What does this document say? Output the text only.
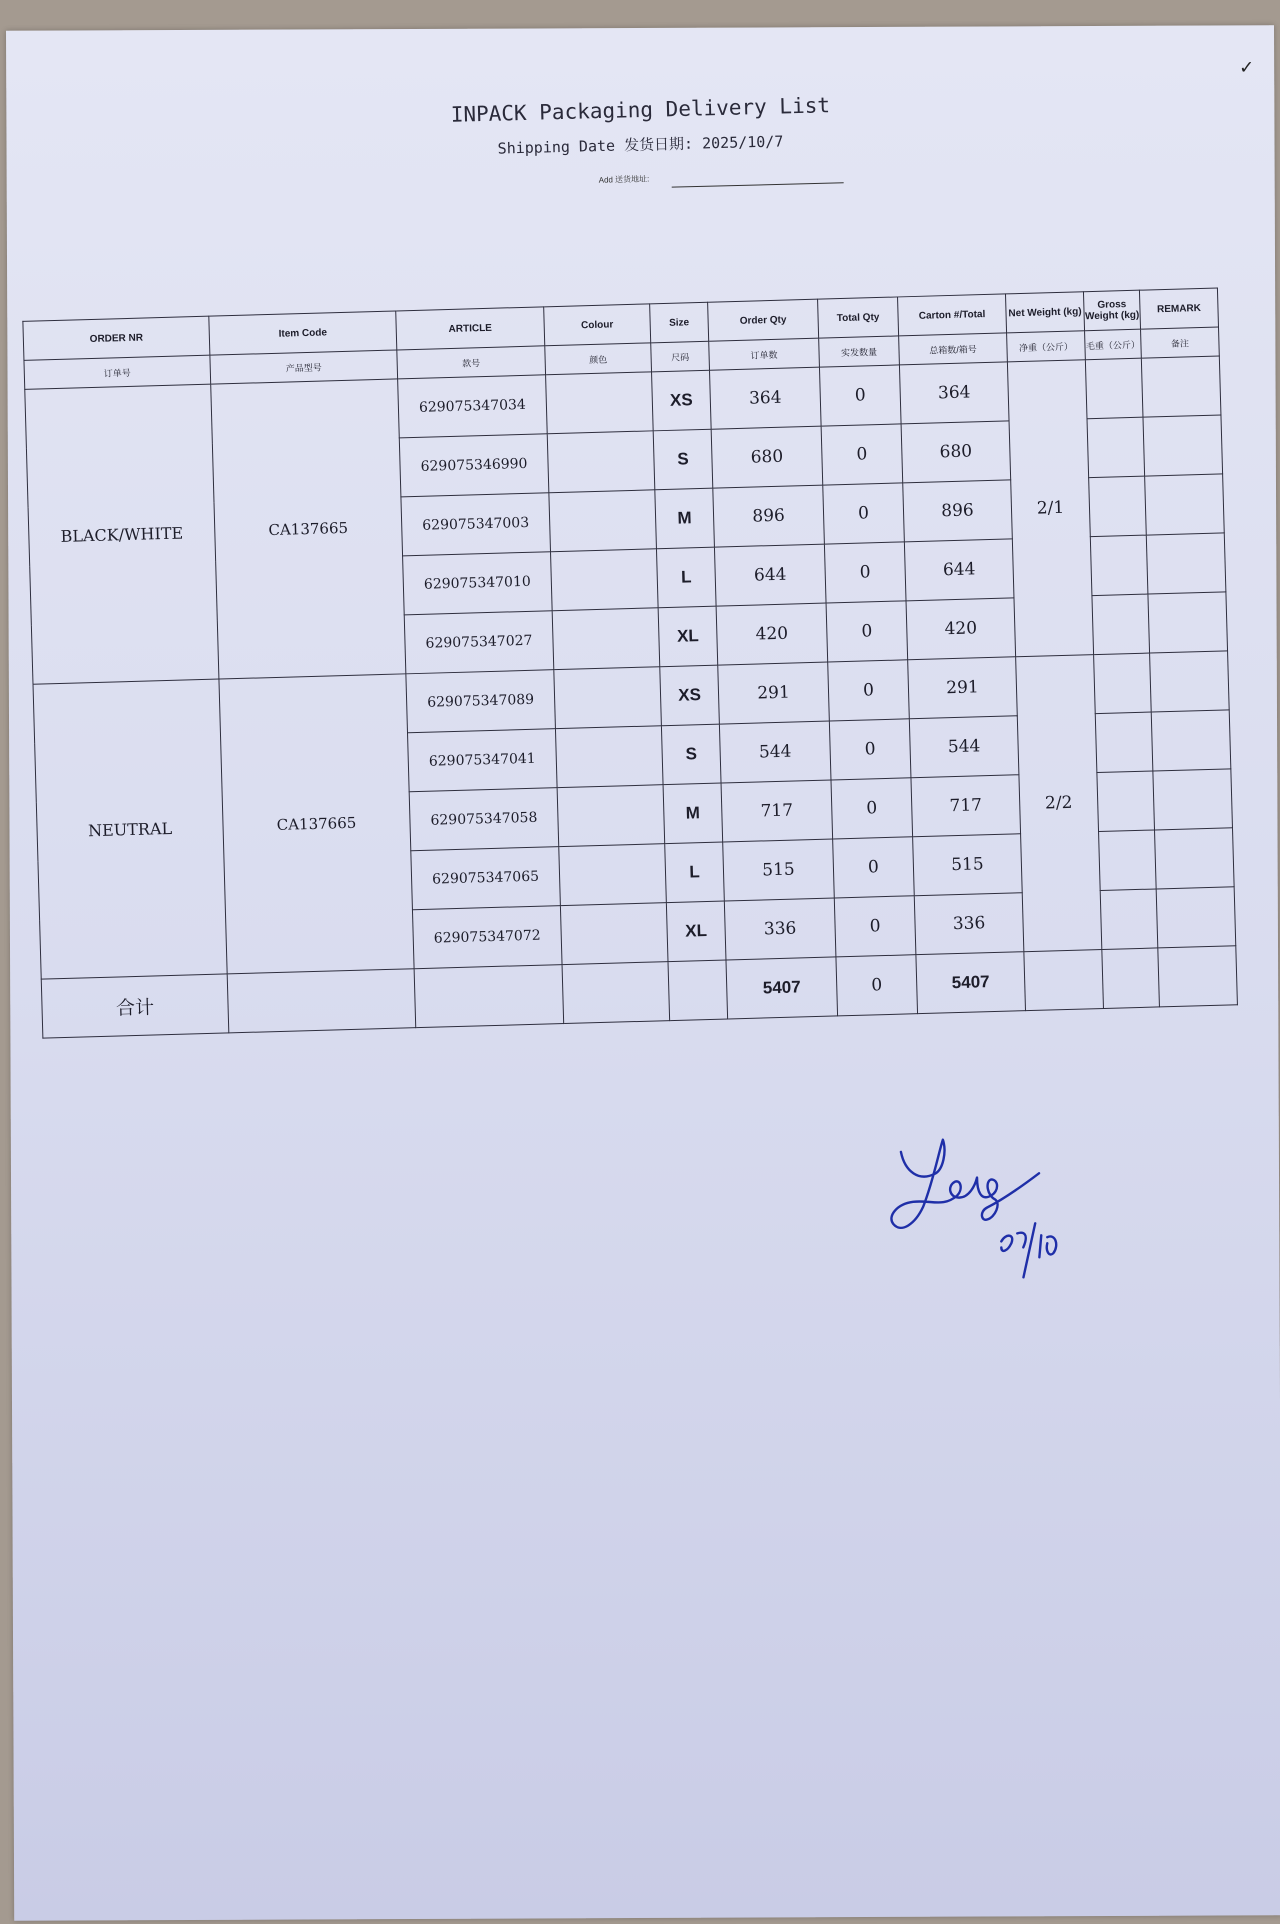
✓
INPACK Packaging Delivery List
Shipping Date 发货日期: 2025/10/7
Add 送货地址:
ORDER NR	Item Code	ARTICLE	Colour	Size	Order Qty	Total Qty	Carton #/Total	Net Weight (kg)	Gross Weight (kg)	REMARK
订单号	产品型号	款号	颜色	尺码	订单数	实发数量	总箱数/箱号	净重（公斤）	毛重（公斤）	备注
BLACK/WHITE	CA137665	629075347034		XS	364	0	364	2/1		
		629075346990		S	680	0	680			
		629075347003		M	896	0	896			
		629075347010		L	644	0	644			
		629075347027		XL	420	0	420			
NEUTRAL	CA137665	629075347089		XS	291	0	291	2/2		
		629075347041		S	544	0	544			
		629075347058		M	717	0	717			
		629075347065		L	515	0	515			
		629075347072		XL	336	0	336			
合计					5407	0	5407			
